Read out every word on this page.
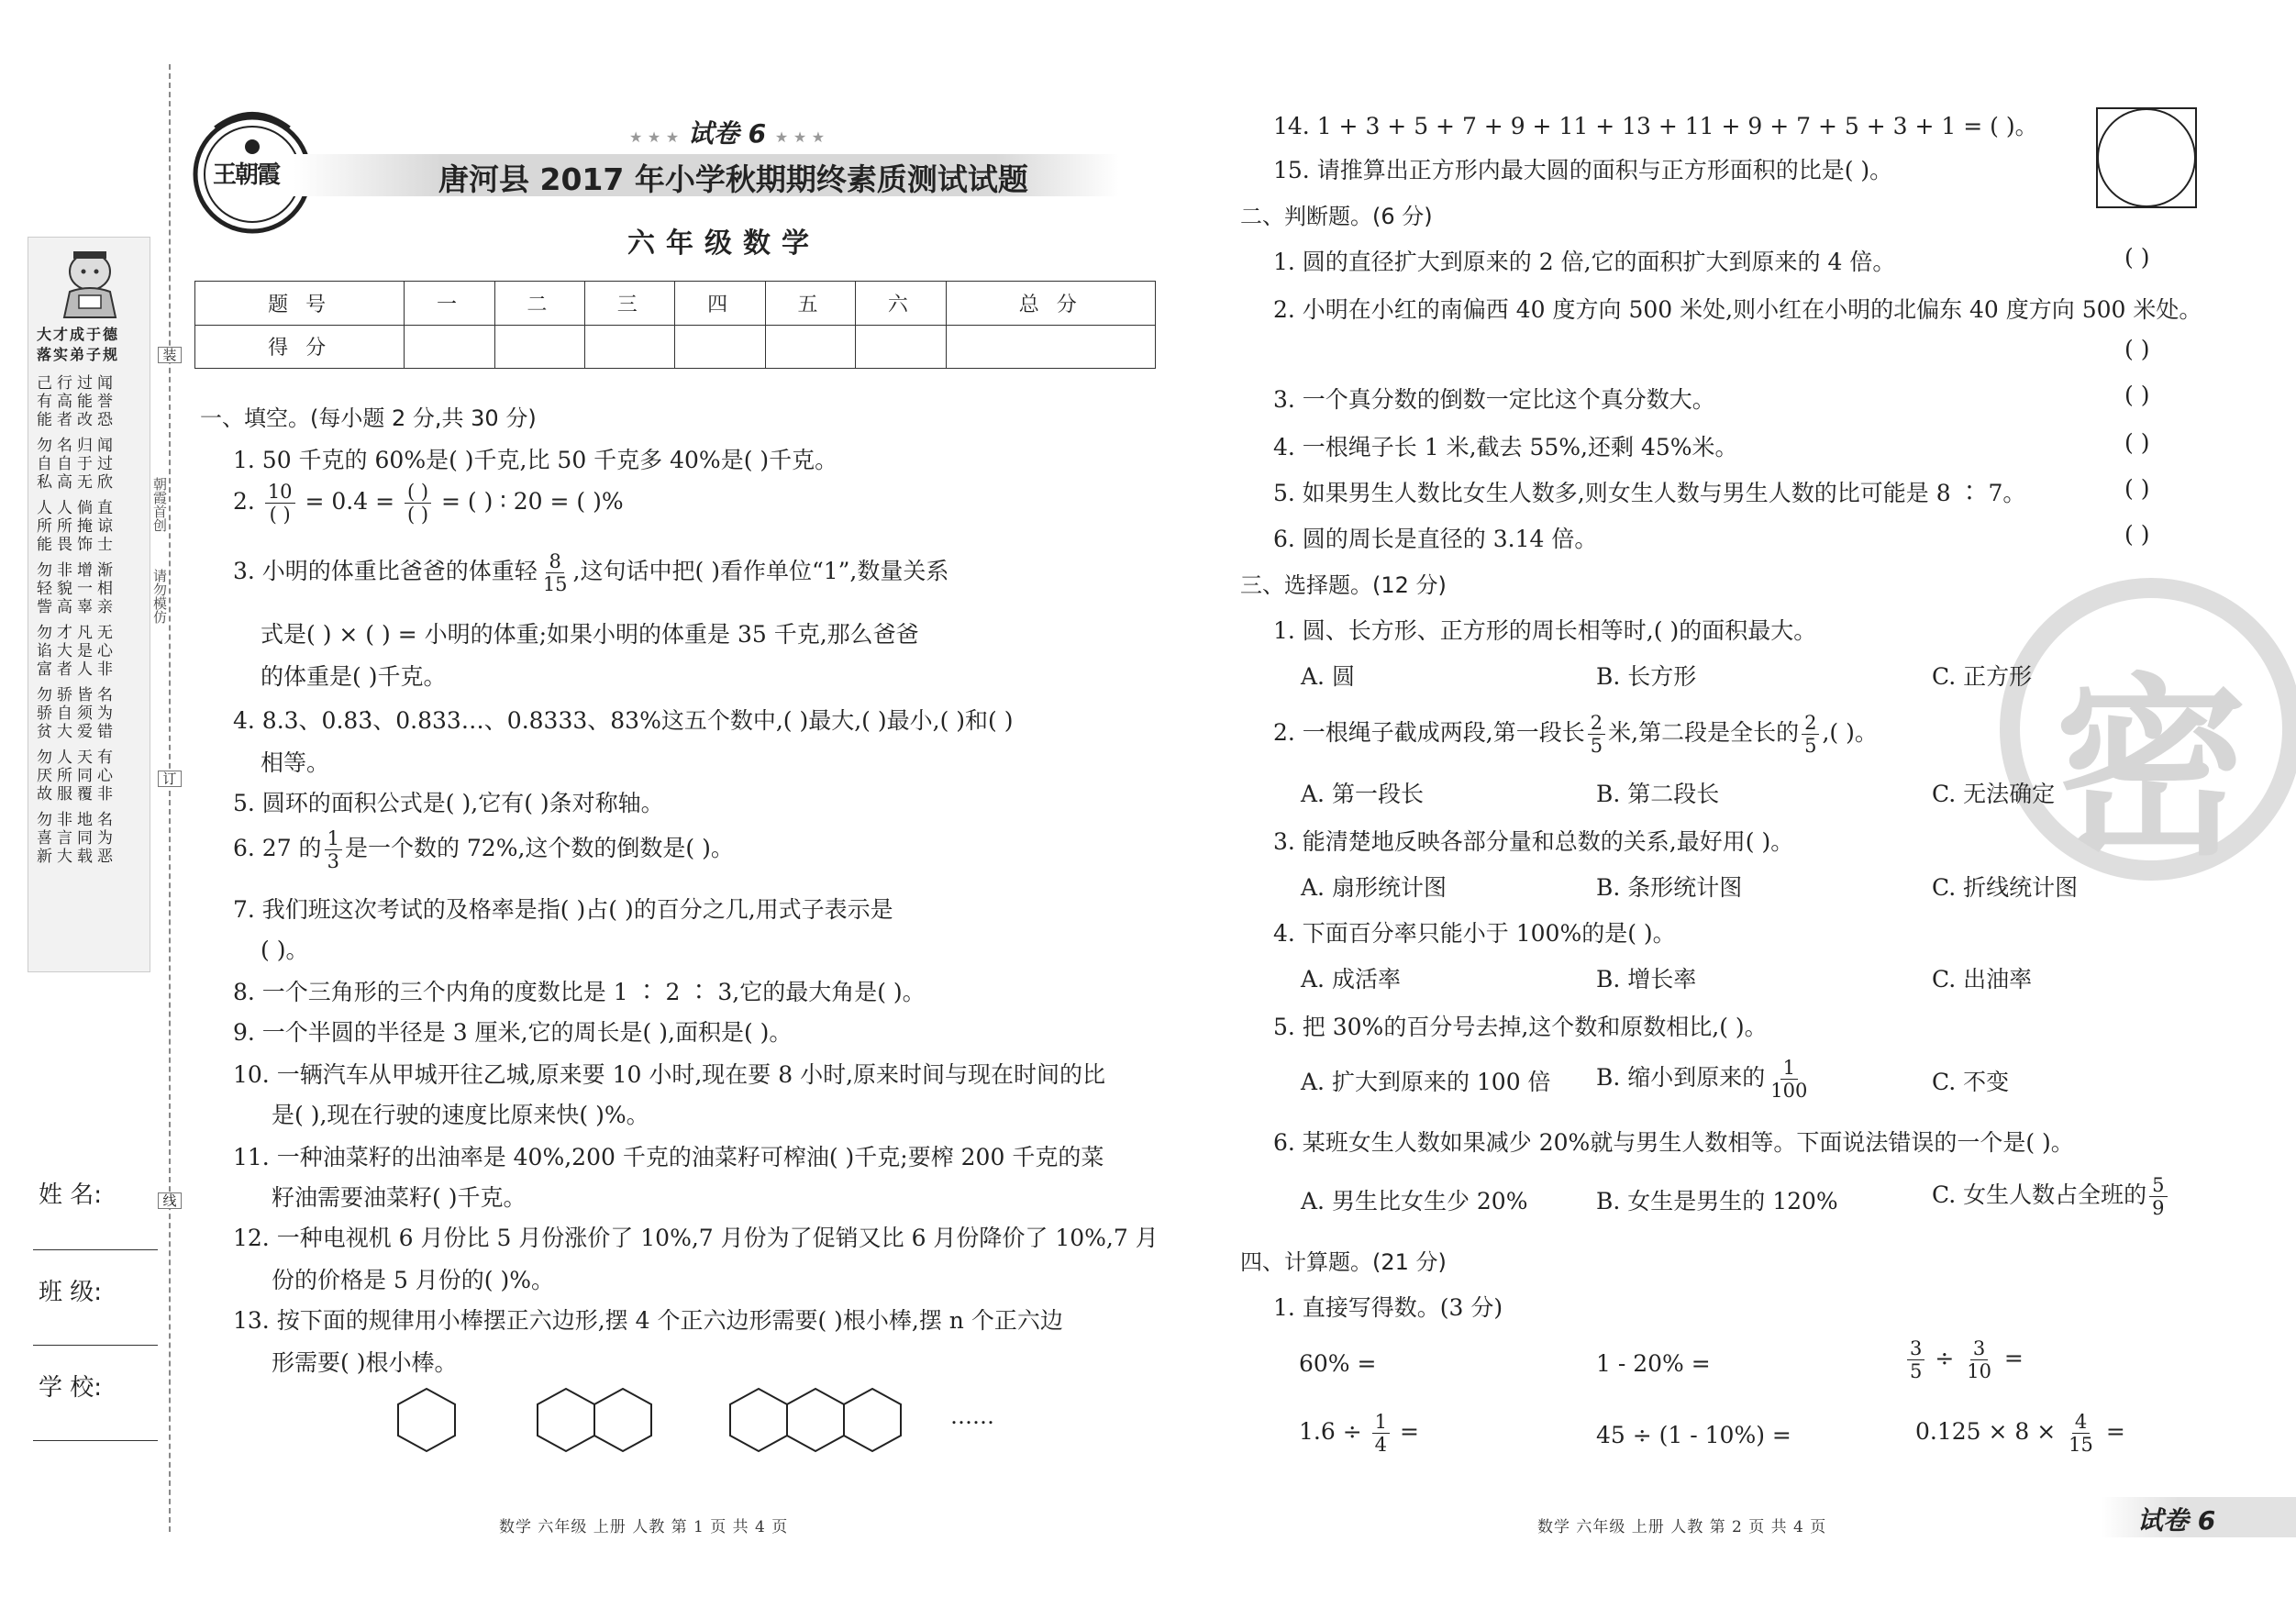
大才成于德
落实弟子规
己行过闻
有高能誉
能者改恐
勿名归闻
自自于过
私高无欣
人人倘直
所所掩谅
能畏饰士
勿非增渐
轻貌一相
訾高辜亲
勿才凡无
谄大是心
富者人非
勿骄皆名
骄自须为
贫大爱错
勿人天有
厌所同心
故服覆非
勿非地名
喜言同为
新大载恶
装
订
线
朝霞首创
请勿模仿
姓 名:
班 级:
学 校:
王朝霞
★ ★ ★ 试卷 6 ★ ★ ★
唐河县 2017 年小学秋期期终素质测试试题
六年级数学
题 号	一	二	三	四	五	六	总 分
得 分							
一、填空。(每小题 2 分,共 30 分)
1. 50 千克的 60%是( )千克,比 50 千克多 40%是( )千克。
2. $\frac{10}{( )} = 0.4 = \frac{( )}{( )}$ = ( ) ∶ 20 = ( )%
3. 小明的体重比爸爸的体重轻 $\frac{8}{15}$ ,这句话中把( )看作单位“1”,数量关系
式是( ) × ( ) = 小明的体重;如果小明的体重是 35 千克,那么爸爸
的体重是( )千克。
4. 8.3、0.83̇、0.833…、0.8333、83%这五个数中,( )最大,( )最小,( )和( )
相等。
5. 圆环的面积公式是( ),它有( )条对称轴。
6. 27 的 $\frac{1}{3}$ 是一个数的 72%,这个数的倒数是( )。
7. 我们班这次考试的及格率是指( )占( )的百分之几,用式子表示是
( )。
8. 一个三角形的三个内角的度数比是 1 ∶ 2 ∶ 3,它的最大角是( )。
9. 一个半圆的半径是 3 厘米,它的周长是( ),面积是( )。
10. 一辆汽车从甲城开往乙城,原来要 10 小时,现在要 8 小时,原来时间与现在时间的比
是( ),现在行驶的速度比原来快( )%。
11. 一种油菜籽的出油率是 40%,200 千克的油菜籽可榨油( )千克;要榨 200 千克的菜
籽油需要油菜籽( )千克。
12. 一种电视机 6 月份比 5 月份涨价了 10%,7 月份为了促销又比 6 月份降价了 10%,7 月
份的价格是 5 月份的( )%。
13. 按下面的规律用小棒摆正六边形,摆 4 个正六边形需要( )根小棒,摆 n 个正六边
形需要( )根小棒。
……
数学 六年级 上册 人教 第 1 页 共 4 页
14. 1 + 3 + 5 + 7 + 9 + 11 + 13 + 11 + 9 + 7 + 5 + 3 + 1 = ( )。
15. 请推算出正方形内最大圆的面积与正方形面积的比是( )。
二、判断题。(6 分)
1. 圆的直径扩大到原来的 2 倍,它的面积扩大到原来的 4 倍。	( )
2. 小明在小红的南偏西 40 度方向 500 米处,则小红在小明的北偏东 40 度方向 500 米处。
( )
3. 一个真分数的倒数一定比这个真分数大。	( )
4. 一根绳子长 1 米,截去 55%,还剩 45%米。	( )
5. 如果男生人数比女生人数多,则女生人数与男生人数的比可能是 8 ∶ 7。	( )
6. 圆的周长是直径的 3.14 倍。	( )
密
三、选择题。(12 分)
1. 圆、长方形、正方形的周长相等时,( )的面积最大。
A. 圆	B. 长方形	C. 正方形
2. 一根绳子截成两段,第一段长 $\frac{2}{5}$ 米,第二段是全长的 $\frac{2}{5}$ ,( )。
A. 第一段长	B. 第二段长	C. 无法确定
3. 能清楚地反映各部分量和总数的关系,最好用( )。
A. 扇形统计图	B. 条形统计图	C. 折线统计图
4. 下面百分率只能小于 100%的是( )。
A. 成活率	B. 增长率	C. 出油率
5. 把 30%的百分号去掉,这个数和原数相比,( )。
A. 扩大到原来的 100 倍 B. 缩小到原来的 $\frac{1}{100}$	C. 不变
6. 某班女生人数如果减少 20%就与男生人数相等。下面说法错误的一个是( )。
A. 男生比女生少 20%	B. 女生是男生的 120%	C. 女生人数占全班的 $\frac{5}{9}$
四、计算题。(21 分)
1. 直接写得数。(3 分)
60% =	1 - 20% =	$\frac{3}{5} \div \frac{3}{10}$ =
$1.6 \div \frac{1}{4}$ =	45 ÷ (1 - 10%) =	$0.125 \times 8 \times \frac{4}{15}$ =
数学 六年级 上册 人教 第 2 页 共 4 页	试卷 6
